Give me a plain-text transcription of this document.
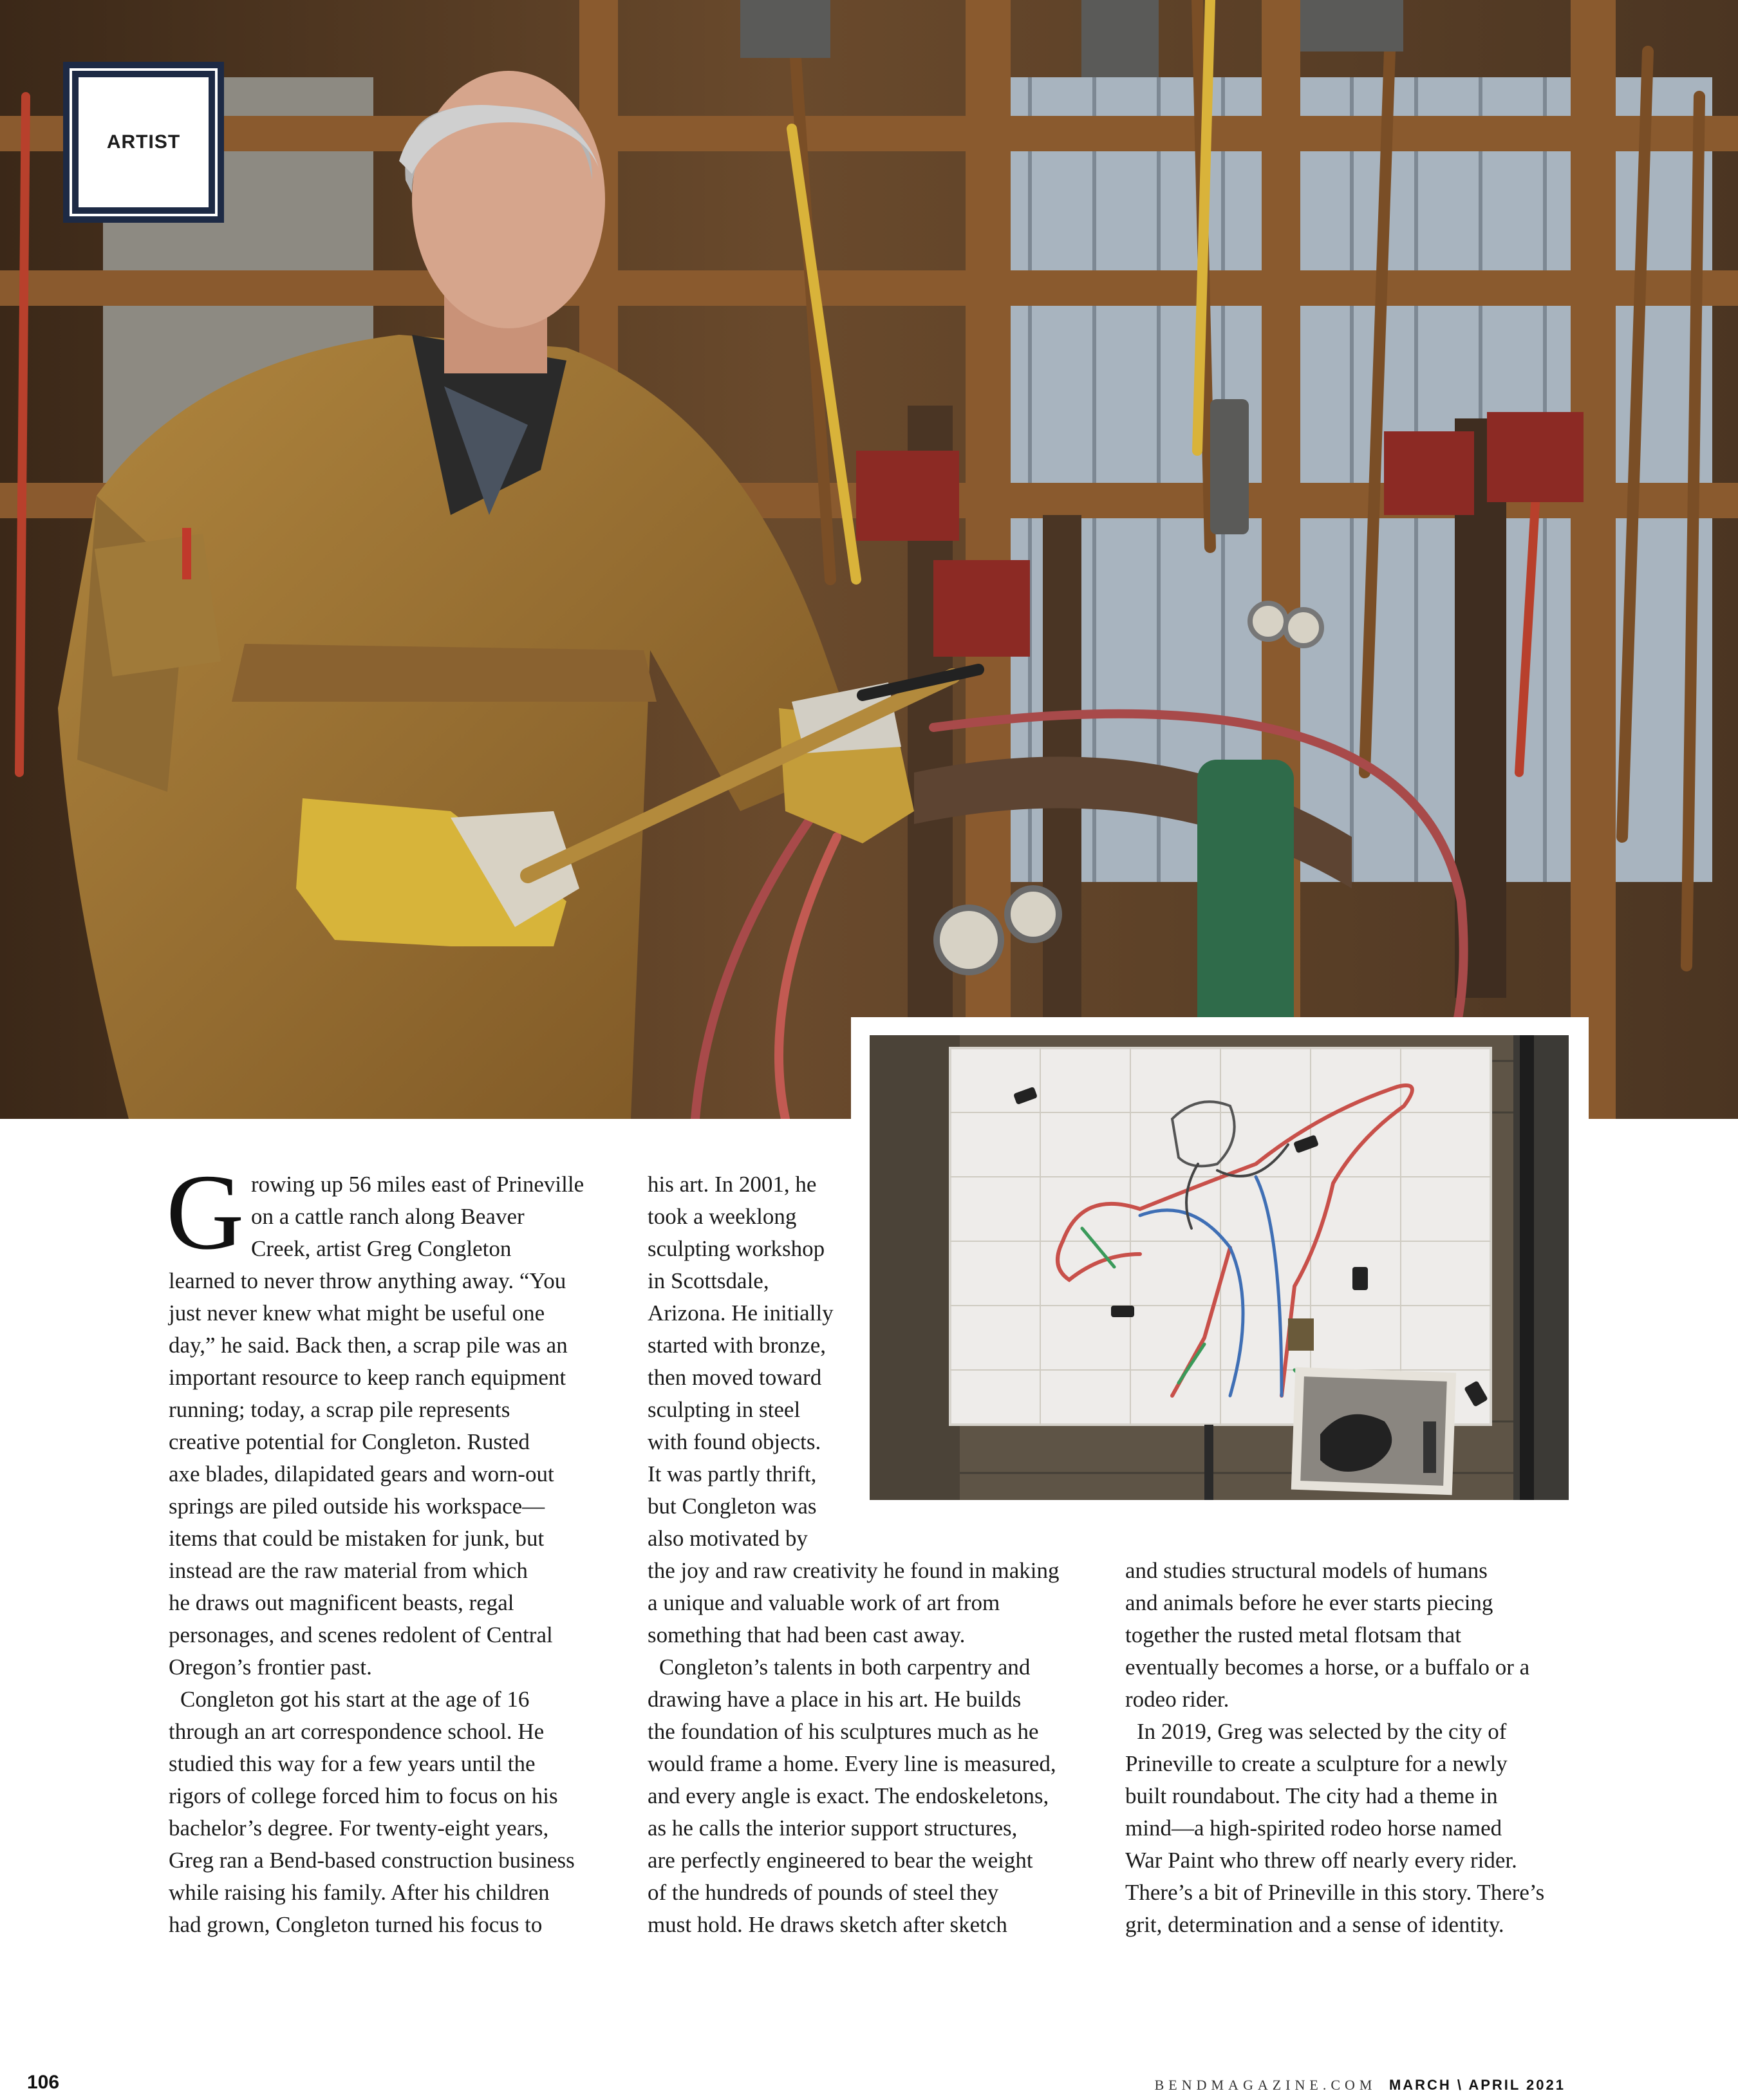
ARTIST
G rowing up 56 miles east of Prineville
on a cattle ranch along Beaver
Creek, artist Greg Congleton
learned to never throw anything away. “You
just never knew what might be useful one
day,” he said. Back then, a scrap pile was an
important resource to keep ranch equipment
running; today, a scrap pile represents
creative potential for Congleton. Rusted
axe blades, dilapidated gears and worn-out
springs are piled outside his workspace—
items that could be mistaken for junk, but
instead are the raw material from which
he draws out magnificent beasts, regal
personages, and scenes redolent of Central
Oregon’s frontier past.
Congleton got his start at the age of 16
through an art correspondence school. He
studied this way for a few years until the
rigors of college forced him to focus on his
bachelor’s degree. For twenty-eight years,
Greg ran a Bend-based construction business
while raising his family. After his children
had grown, Congleton turned his focus to
his art. In 2001, he
took a weeklong
sculpting workshop
in Scottsdale,
Arizona. He initially
started with bronze,
then moved toward
sculpting in steel
with found objects.
It was partly thrift,
but Congleton was
also motivated by
the joy and raw creativity he found in making
a unique and valuable work of art from
something that had been cast away.
Congleton’s talents in both carpentry and
drawing have a place in his art. He builds
the foundation of his sculptures much as he
would frame a home. Every line is measured,
and every angle is exact. The endoskeletons,
as he calls the interior support structures,
are perfectly engineered to bear the weight
of the hundreds of pounds of steel they
must hold. He draws sketch after sketch
and studies structural models of humans
and animals before he ever starts piecing
together the rusted metal flotsam that
eventually becomes a horse, or a buffalo or a
rodeo rider.
In 2019, Greg was selected by the city of
Prineville to create a sculpture for a newly
built roundabout. The city had a theme in
mind—a high-spirited rodeo horse named
War Paint who threw off nearly every rider.
There’s a bit of Prineville in this story. There’s
grit, determination and a sense of identity.
106	BENDMAGAZINE.COM MARCH \ APRIL 2021
